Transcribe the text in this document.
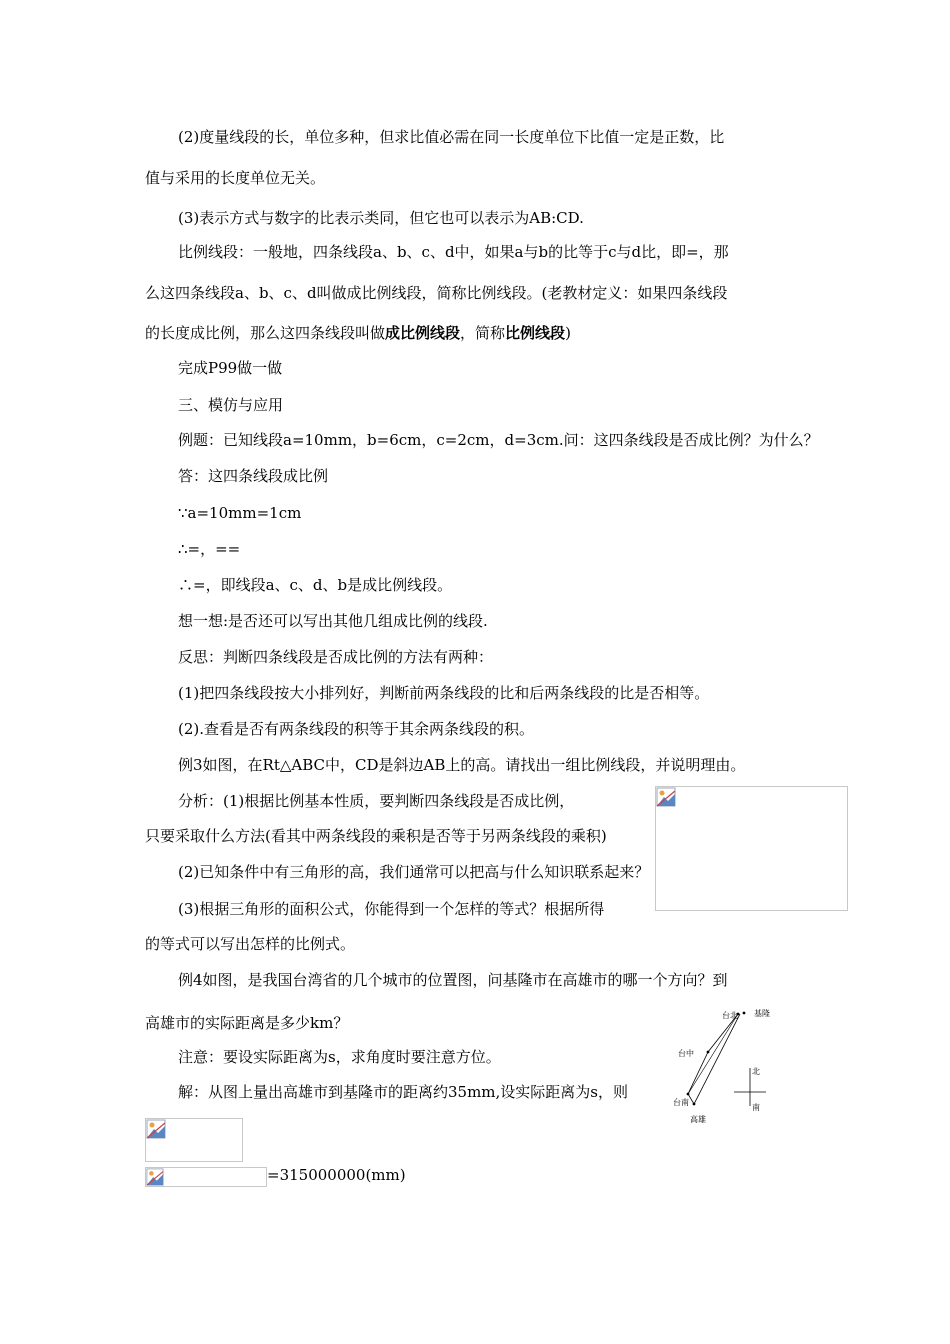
(2)度量线段的长，单位多种，但求比值必需在同一长度单位下比值一定是正数，比
值与采用的长度单位无关。
(3)表示方式与数字的比表示类同，但它也可以表示为AB:CD.
比例线段：一般地，四条线段a、b、c、d中，如果a与b的比等于c与d比，即=，那
么这四条线段a、b、c、d叫做成比例线段，简称比例线段。(老教材定义：如果四条线段
的长度成比例，那么这四条线段叫做成比例线段，简称比例线段)
完成P99做一做
三、模仿与应用
例题：已知线段a=10mm，b=6cm，c=2cm，d=3cm.问：这四条线段是否成比例？为什么？
答：这四条线段成比例
∵a=10mm=1cm
∴=，==
∴=，即线段a、c、d、b是成比例线段。
想一想:是否还可以写出其他几组成比例的线段.
反思：判断四条线段是否成比例的方法有两种：
(1)把四条线段按大小排列好，判断前两条线段的比和后两条线段的比是否相等。
(2).查看是否有两条线段的积等于其余两条线段的积。
例3如图，在Rt△ABC中，CD是斜边AB上的高。请找出一组比例线段，并说明理由。
分析：(1)根据比例基本性质，要判断四条线段是否成比例，
只要采取什么方法(看其中两条线段的乘积是否等于另两条线段的乘积)
(2)已知条件中有三角形的高，我们通常可以把高与什么知识联系起来？
(3)根据三角形的面积公式，你能得到一个怎样的等式？根据所得
的等式可以写出怎样的比例式。
例4如图，是我国台湾省的几个城市的位置图，问基隆市在高雄市的哪一个方向？到
高雄市的实际距离是多少km？
注意：要设实际距离为s，求角度时要注意方位。
解：从图上量出高雄市到基隆市的距离约35mm,设实际距离为s，则
台北 基隆
台中
台南
高雄
北
南
=315000000(mm)
